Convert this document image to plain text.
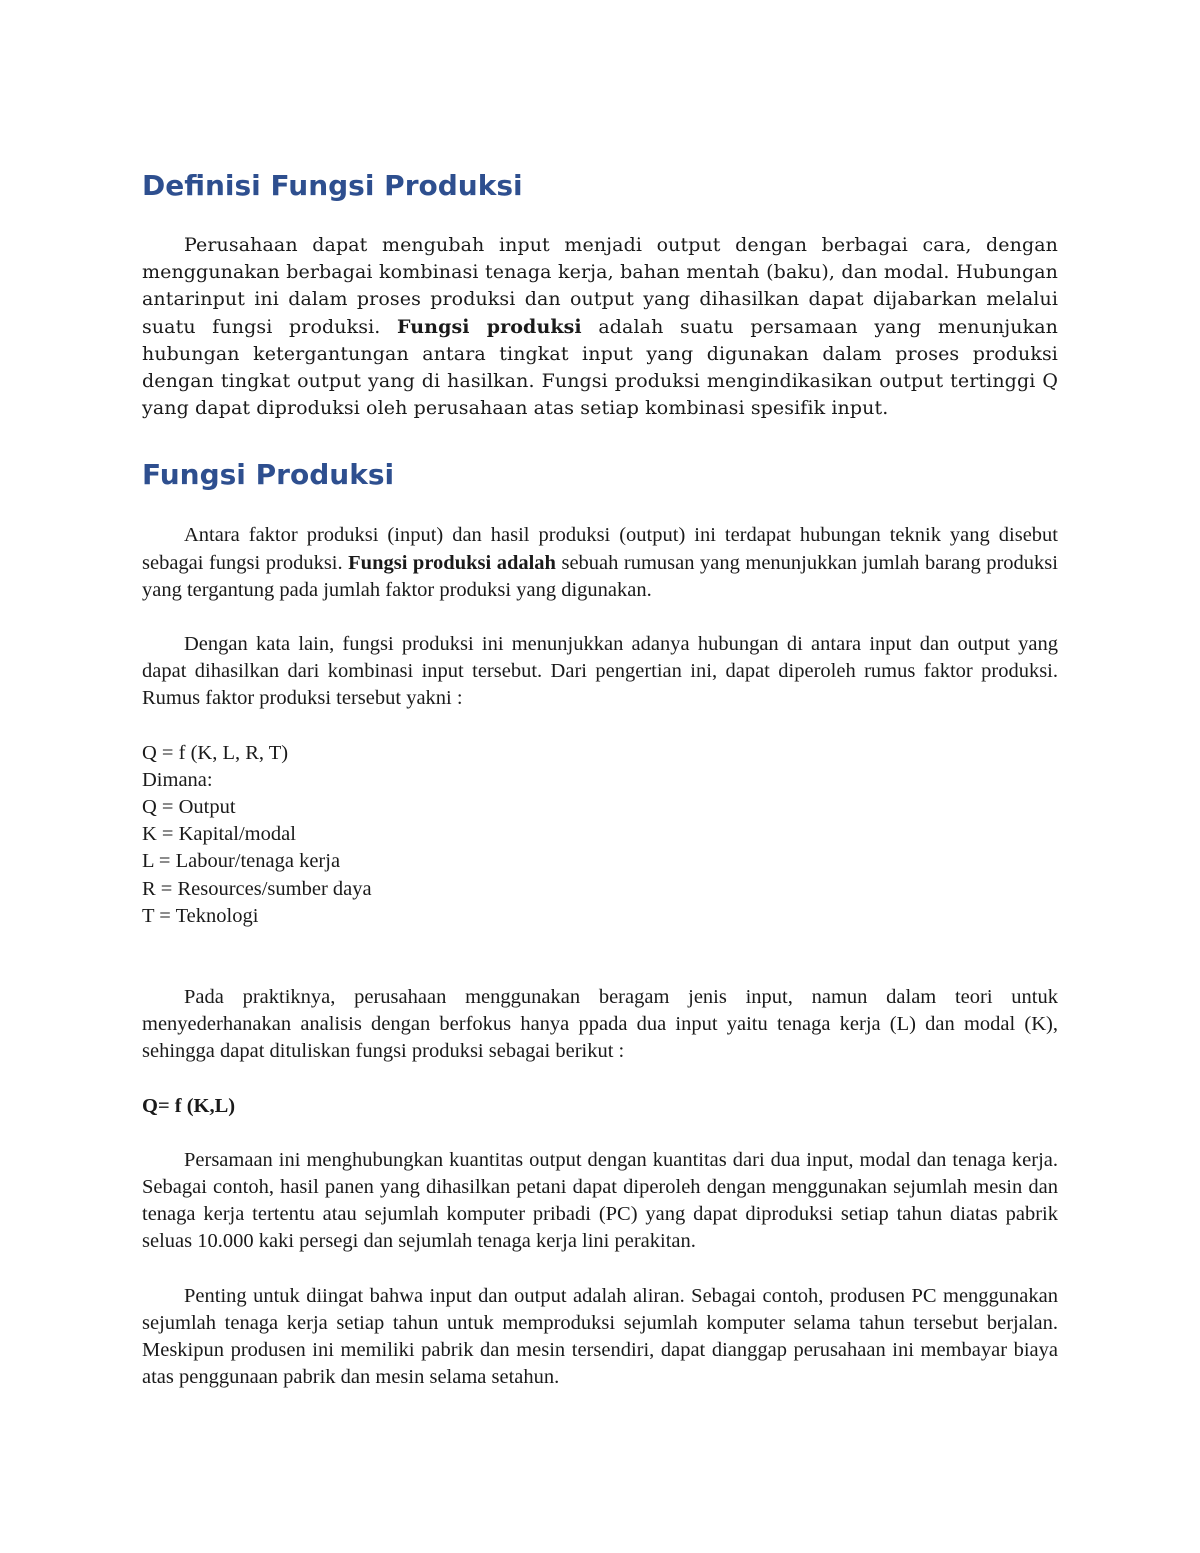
Definisi Fungsi Produksi

Perusahaan dapat mengubah input menjadi output dengan berbagai cara, dengan menggunakan berbagai kombinasi tenaga kerja, bahan mentah (baku), dan modal. Hubungan antarinput ini dalam proses produksi dan output yang dihasilkan dapat dijabarkan melalui suatu fungsi produksi. Fungsi produksi adalah suatu persamaan yang menunjukan hubungan ketergantungan antara tingkat input yang digunakan dalam proses produksi dengan tingkat output yang di hasilkan. Fungsi produksi mengindikasikan output tertinggi Q yang dapat diproduksi oleh perusahaan atas setiap kombinasi spesifik input.

Fungsi Produksi

Antara faktor produksi (input) dan hasil produksi (output) ini terdapat hubungan teknik yang disebut sebagai fungsi produksi. Fungsi produksi adalah sebuah rumusan yang menunjukkan jumlah barang produksi yang tergantung pada jumlah faktor produksi yang digunakan.

Dengan kata lain, fungsi produksi ini menunjukkan adanya hubungan di antara input dan output yang dapat dihasilkan dari kombinasi input tersebut. Dari pengertian ini, dapat diperoleh rumus faktor produksi. Rumus faktor produksi tersebut yakni :

Q = f (K, L, R, T)
Dimana:
Q = Output
K = Kapital/modal
L = Labour/tenaga kerja
R = Resources/sumber daya
T = Teknologi

Pada praktiknya, perusahaan menggunakan beragam jenis input, namun dalam teori untuk menyederhanakan analisis dengan berfokus hanya ppada dua input yaitu tenaga kerja (L) dan modal (K), sehingga dapat dituliskan fungsi produksi sebagai berikut :

Q= f (K,L)

Persamaan ini menghubungkan kuantitas output dengan kuantitas dari dua input, modal dan tenaga kerja. Sebagai contoh, hasil panen yang dihasilkan petani dapat diperoleh dengan menggunakan sejumlah mesin dan tenaga kerja tertentu atau sejumlah komputer pribadi (PC) yang dapat diproduksi setiap tahun diatas pabrik seluas 10.000 kaki persegi dan sejumlah tenaga kerja lini perakitan.

Penting untuk diingat bahwa input dan output adalah aliran. Sebagai contoh, produsen PC menggunakan sejumlah tenaga kerja setiap tahun untuk memproduksi sejumlah komputer selama tahun tersebut berjalan. Meskipun produsen ini memiliki pabrik dan mesin tersendiri, dapat dianggap perusahaan ini membayar biaya atas penggunaan pabrik dan mesin selama setahun.
